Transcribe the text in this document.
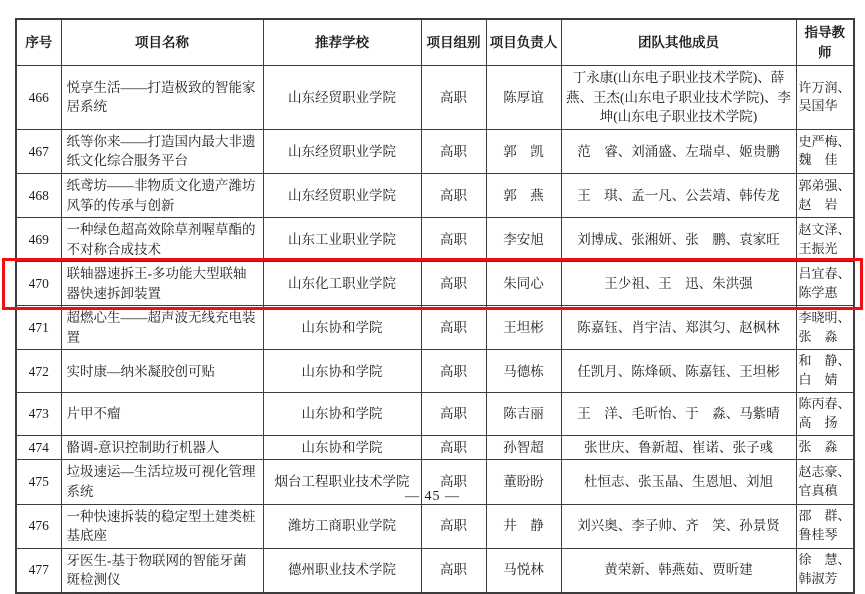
序号	项目名称	推荐学校	项目组别	项目负责人	团队其他成员	指导教师
466	悦享生活——打造极致的智能家居系统	山东经贸职业学院	高职	陈厚谊	丁永康(山东电子职业技术学院)、薛燕、王杰(山东电子职业技术学院)、李坤(山东电子职业技术学院)	许万润、吴国华
467	纸等你来——打造国内最大非遗纸文化综合服务平台	山东经贸职业学院	高职	郭　凯	范　睿、刘涌盛、左瑞卓、姬贵鹏	史严梅、魏　佳
468	纸鸢坊——非物质文化遗产潍坊风筝的传承与创新	山东经贸职业学院	高职	郭　燕	王　琪、孟一凡、公芸靖、韩传龙	郭弟强、赵　岩
469	一种绿色超高效除草剂喔草酯的不对称合成技术	山东工业职业学院	高职	李安旭	刘博成、张湘妍、张　鹏、袁家旺	赵文泽、王振光
470	联轴器速拆王-多功能大型联轴器快速拆卸装置	山东化工职业学院	高职	朱同心	王少祖、王　迅、朱洪强	吕宜春、陈学惠
471	超燃心生——超声波无线充电装置	山东协和学院	高职	王坦彬	陈嘉钰、肖宇洁、郑淇匀、赵枫林	李晓明、张　淼
472	实时康—纳米凝胶创可贴	山东协和学院	高职	马德栋	任凯月、陈烽硕、陈嘉钰、王坦彬	和　静、白　婧
473	片甲不瘤	山东协和学院	高职	陈吉丽	王　洋、毛昕怡、于　淼、马紫晴	陈丙春、高　扬
474	骼调-意识控制助行机器人	山东协和学院	高职	孙智超	张世庆、鲁新超、崔诺、张子彧	张　淼
475	垃圾速运—生活垃圾可视化管理系统	烟台工程职业技术学院	高职	董盼盼	杜恒志、张玉晶、生恩旭、刘旭	赵志豪、官真稹
476	一种快速拆装的稳定型土建类桩基底座	潍坊工商职业学院	高职	井　静	刘兴奥、李子帅、齐　笑、孙景贤	邵　群、鲁桂琴
477	牙医生-基于物联网的智能牙菌斑检测仪	德州职业技术学院	高职	马悦林	黄荣新、韩燕茹、贾昕建	徐　慧、韩淑芳
— 45 —
